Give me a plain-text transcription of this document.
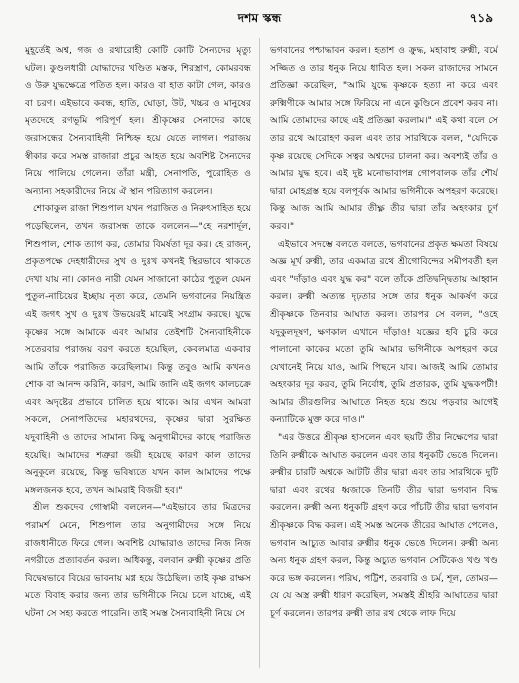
দশম স্কন্ধ	৭১৯

মুহূর্তেই অশ্ব, গজ ও রথারোহী কোটি কোটি সৈন্যদের মৃত্যু ঘটল। কুণ্ডলধারী যোদ্ধাদের খণ্ডিত মস্তক, শিরস্ত্রাণ, কোমরবন্ধ ও উরু যুদ্ধক্ষেত্রে পতিত হল। কারও বা হাত কাটা গেল, কারও বা চরণ। এইভাবে কবন্ধ, হাতি, ঘোড়া, উট, খচ্চর ও মানুষের মৃতদেহে রণভূমি পরিপূর্ণ হল। শ্রীকৃষ্ণের সেনাদের কাছে জরাসন্ধের সৈন্যবাহিনী নিশ্চিহ্ন হয়ে যেতে লাগল। পরাজয় স্বীকার করে সমস্ত রাজারা প্রচুর আহত হয়ে অবশিষ্ট সৈন্যদের নিয়ে পালিয়ে গেলেন। তাঁরা মন্ত্রী, সেনাপতি, পুরোহিত ও অন্যান্য সহকারীদের নিয়ে ঐ স্থান পরিত্যাগ করলেন।

শোকাকুল রাজা শিশুপাল যখন পরাজিত ও নিরুৎসাহিত হয়ে পড়েছিলেন, তখন জরাসন্ধ তাকে বললেন—"হে নরশার্দূল, শিশুপাল, শোক ত্যাগ কর, তোমার বিমর্ষতা দূর কর। হে রাজন্, প্রকৃতপক্ষে দেহধারীদের সুখ ও দুঃখ কখনই স্থিরভাবে থাকতে দেখা যায় না। কোনও নারী যেমন সাজানো কাঠের পুতুল যেমন পুতুল-নাচিয়ের ইচ্ছায় নৃত্য করে, তেমনি ভগবানের নিয়ন্ত্রিত এই জগৎ সুখ ও দুঃখ উভয়েরই মাঝেই সংগ্রাম করছে। যুদ্ধে কৃষ্ণের সঙ্গে আমাকে এবং আমার তেইশটি সৈন্যবাহিনীকে সতেরবার পরাজয় বরণ করতে হয়েছিল, কেবলমাত্র একবার আমি তাঁকে পরাজিত করেছিলাম। কিন্তু তবুও আমি কখনও শোক বা আনন্দ করিনি, কারণ, আমি জানি এই জগৎ কালচক্রে এবং অদৃষ্টের প্রভাবে চালিত হয়ে থাকে। আর এখন আমরা সকলে, সেনাপতিদের মহারথদের, কৃষ্ণের দ্বারা সুরক্ষিত যদুবাহিনী ও তাদের সামান্য কিছু অনুগামীদের কাছে পরাজিত হয়েছি। আমাদের শত্রুরা জয়ী হয়েছে কারণ কাল তাদের অনুকূলে রয়েছে, কিন্তু ভবিষ্যতে যখন কাল আমাদের পক্ষে মঙ্গলজনক হবে, তখন আমরাই বিজয়ী হব।"

শ্রীল শুকদেব গোস্বামী বললেন—"এইভাবে তার মিত্রদের পরামর্শ মেনে, শিশুপাল তার অনুগামীদের সঙ্গে নিয়ে রাজধানীতে ফিরে গেল। অবশিষ্ট যোদ্ধারাও তাদের নিজ নিজ নগরীতে প্রত্যাবর্তন করল। অধিকন্তু, বলবান রুক্মী কৃষ্ণের প্রতি বিদ্বেষভাবে বিয়ের ভাবনায় মগ্ন হয়ে উঠেছিল। তাই কৃষ্ণ রাক্ষস মতে বিবাহ করার জন্য তার ভগিনীকে নিয়ে চলে যাচ্ছে, এই ঘটনা সে সহ্য করতে পারেনি। তাই সমস্ত সৈন্যবাহিনী নিয়ে সে

ভগবানের পশ্চাদ্ধাবন করল। হতাশ ও ক্রুদ্ধ, মহাবাহু রুক্মী, বর্মে সজ্জিত ও তার ধনুক নিয়ে ধাবিত হল। সকল রাজাদের সামনে প্রতিজ্ঞা করেছিল, "আমি যুদ্ধে কৃষ্ণকে হত্যা না করে এবং রুক্মিণীকে আমার সঙ্গে ফিরিয়ে না এনে কুণ্ডিনে প্রবেশ করব না। আমি তোমাদের কাছে এই প্রতিজ্ঞা করলাম।" এই কথা বলে সে তার রথে আরোহণ করল এবং তার সারথিকে বলল, "যেদিকে কৃষ্ণ রয়েছে সেদিকে সত্বর অশ্বদের চালনা কর। অবশ্যই তাঁর ও আমার যুদ্ধ হবে। এই দুষ্ট মনোভাবাপন্ন গোপবালক তাঁর শৌর্য দ্বারা মোহগ্রস্ত হয়ে বলপূর্বক আমার ভগিনীকে অপহরণ করেছে। কিন্তু আজ আমি আমার তীক্ষ্ণ তীর দ্বারা তাঁর অহংকার চূর্ণ করব।"

এইভাবে সদম্ভে বলতে বলতে, ভগবানের প্রকৃত ক্ষমতা বিষয়ে অজ্ঞ মূর্খ রুক্মী, তার একমাত্র রথে শ্রীগোবিন্দের সমীপবর্তী হল এবং "দাঁড়াও এবং যুদ্ধ কর" বলে তাঁকে প্রতিদ্বন্দ্বিতায় আহ্বান করল। রুক্মী অত্যন্ত দৃঢ়তার সঙ্গে তার ধনুক আকর্ষণ করে শ্রীকৃষ্ণকে তিনবার আঘাত করল। তারপর সে বলল, "ওহে যদুকুলদূষণ, ক্ষণকাল এখানে দাঁড়াও! যজ্ঞের হবি চুরি করে পালানো কাকের মতো তুমি আমার ভগিনীকে অপহরণ করে যেখানেই নিয়ে যাও, আমি পিছনে যাব। আজই আমি তোমার অহংকার দূর করব, তুমি নির্বোধ, তুমি প্রতারক, তুমি যুদ্ধকপটী! আমার তীরগুলির আঘাতে নিহত হয়ে শুয়ে পড়বার আগেই কন্যাটিকে মুক্ত করে দাও।"

"এর উত্তরে শ্রীকৃষ্ণ হাসলেন এবং ছয়টি তীর নিক্ষেপের দ্বারা তিনি রুক্মীকে আঘাত করলেন এবং তার ধনুকটি ভেঙে দিলেন। রুক্মীর চারটি অশ্বকে আটটি তীর দ্বারা এবং তার সারথিকে দুটি দ্বারা এবং রথের ধ্বজাকে তিনটি তীর দ্বারা ভগবান বিদ্ধ করলেন। রুক্মী অন্য ধনুকটি গ্রহণ করে পাঁচটি তীর দ্বারা ভগবান শ্রীকৃষ্ণকে বিদ্ধ করল। এই সমস্ত অনেক তীরের আঘাত পেলেও, ভগবান আচ্যুত আবার রুক্মীর ধনুক ভেঙে দিলেন। রুক্মী অন্য অন্য ধনুক গ্রহণ করল, কিন্তু অচ্যুত ভগবান সেটিকেও খণ্ড খণ্ড করে ভঙ্গ করলেন। পরিঘ, পট্টিশ, তরবারি ও চর্ম, শূল, তোমর—যে যে অস্ত্র রুক্মী ধারণ করেছিল, সমস্তই শ্রীহরি আঘাতের দ্বারা চূর্ণ করলেন। তারপর রুক্মী তার রথ থেকে লাফ দিয়ে
